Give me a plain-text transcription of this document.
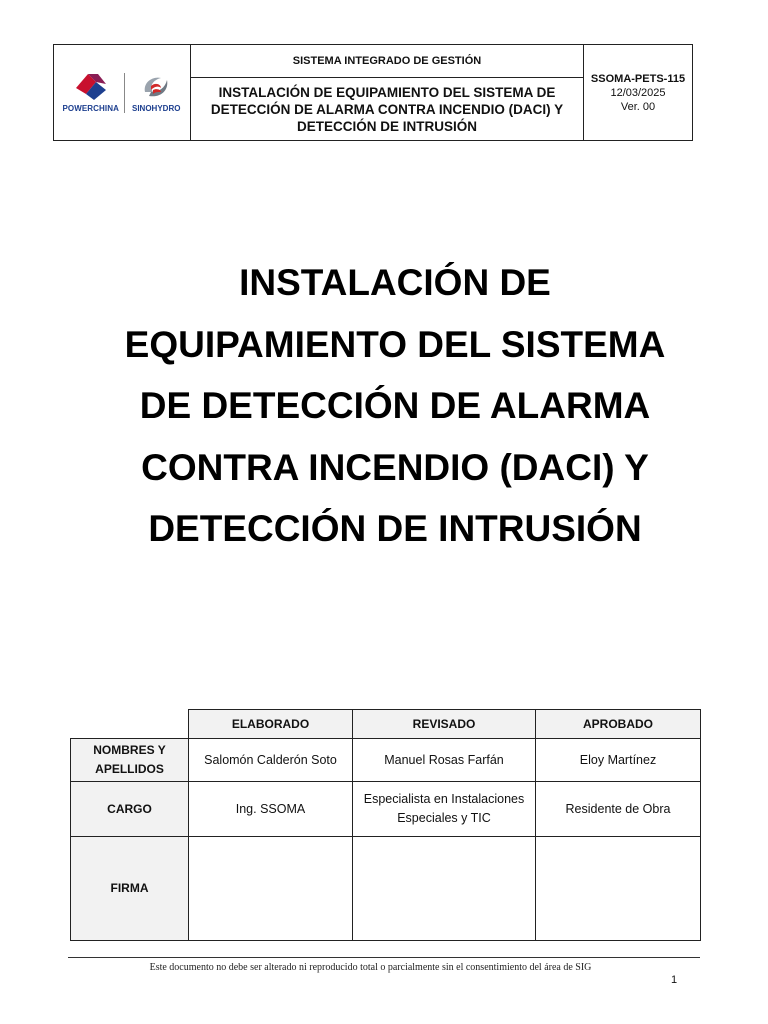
POWERCHINA SINOHYDRO
SISTEMA INTEGRADO DE GESTIÓN
INSTALACIÓN DE EQUIPAMIENTO DEL SISTEMA DE DETECCIÓN DE ALARMA CONTRA INCENDIO (DACI) Y DETECCIÓN DE INTRUSIÓN
SSOMA-PETS-115
12/03/2025
Ver. 00
INSTALACIÓN DE EQUIPAMIENTO DEL SISTEMA DE DETECCIÓN DE ALARMA CONTRA INCENDIO (DACI) Y DETECCIÓN DE INTRUSIÓN
	ELABORADO	REVISADO	APROBADO
NOMBRES Y APELLIDOS	Salomón Calderón Soto	Manuel Rosas Farfán	Eloy Martínez
CARGO	Ing. SSOMA	Especialista en Instalaciones Especiales y TIC	Residente de Obra
FIRMA			
Este documento no debe ser alterado ni reproducido total o parcialmente sin el consentimiento del área de SIG
1
